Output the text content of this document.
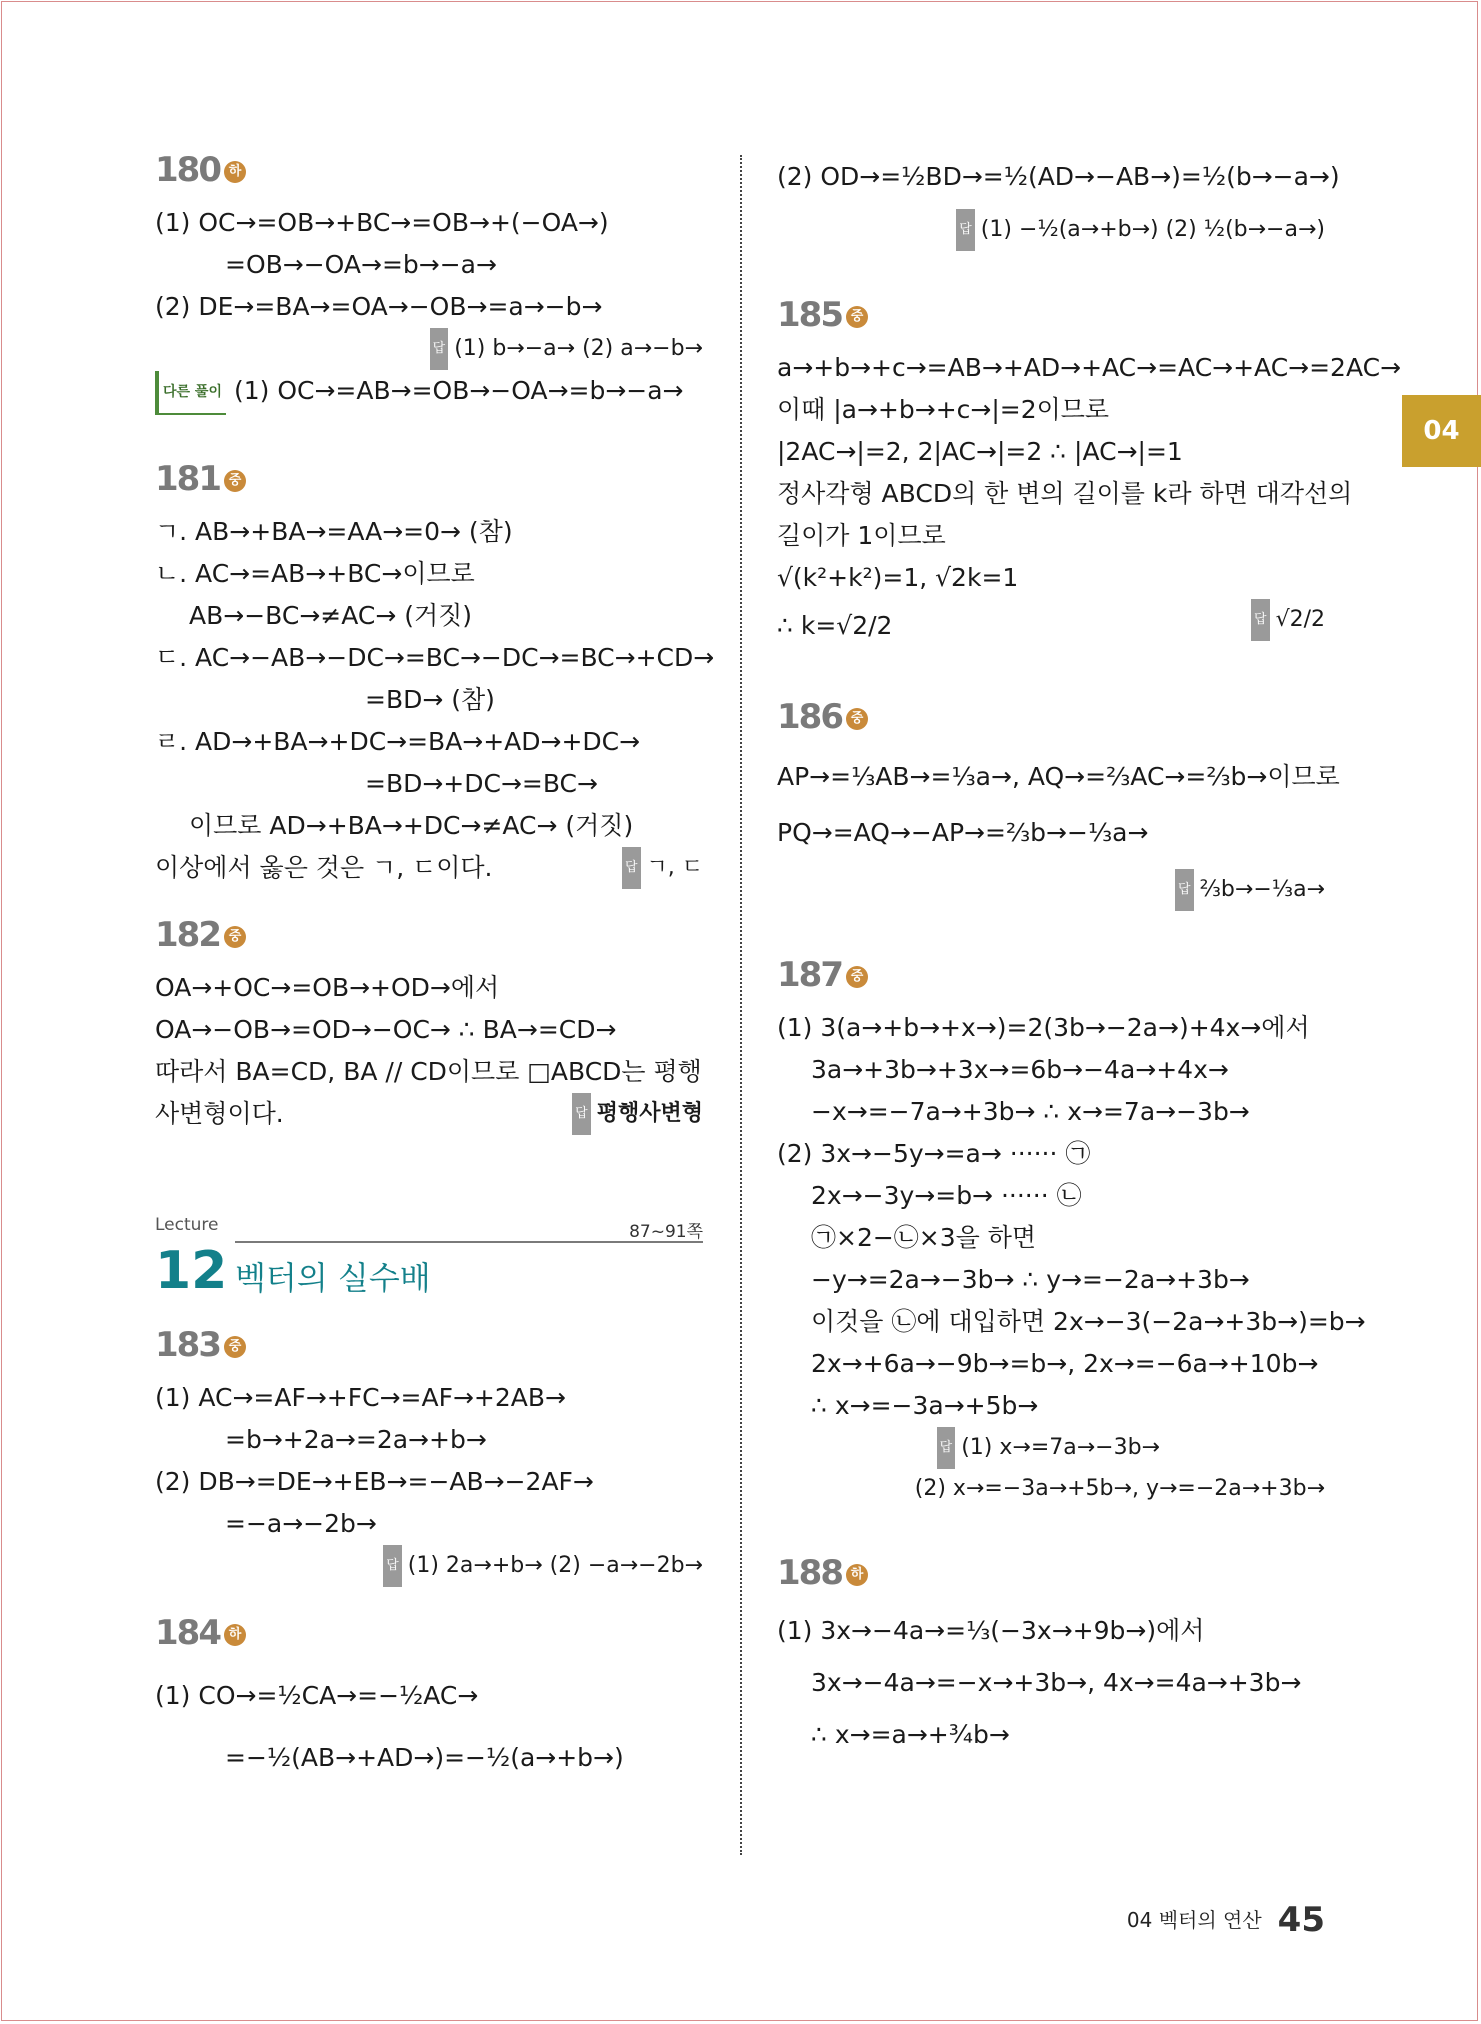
04
180 하
(1) OC→=OB→+BC→=OB→+(−OA→)
=OB→−OA→=b→−a→
(2) DE→=BA→=OA→−OB→=a→−b→
답 (1) b→−a→ (2) a→−b→
다른 풀이 (1) OC→=AB→=OB→−OA→=b→−a→
181 중
ㄱ. AB→+BA→=AA→=0→ (참)
ㄴ. AC→=AB→+BC→이므로
AB→−BC→≠AC→ (거짓)
ㄷ. AC→−AB→−DC→=BC→−DC→=BC→+CD→
=BD→ (참)
ㄹ. AD→+BA→+DC→=BA→+AD→+DC→
=BD→+DC→=BC→
이므로 AD→+BA→+DC→≠AC→ (거짓)
이상에서 옳은 것은 ㄱ, ㄷ이다.	답 ㄱ, ㄷ
182 중
OA→+OC→=OB→+OD→에서
OA→−OB→=OD→−OC→ ∴ BA→=CD→
따라서 BA=CD, BA // CD이므로 □ABCD는 평행
사변형이다.	답 평행사변형
Lecture	87~91쪽
12 벡터의 실수배
183 중
(1) AC→=AF→+FC→=AF→+2AB→
=b→+2a→=2a→+b→
(2) DB→=DE→+EB→=−AB→−2AF→
=−a→−2b→
답 (1) 2a→+b→ (2) −a→−2b→
184 하
(1) CO→=½CA→=−½AC→
=−½(AB→+AD→)=−½(a→+b→)
(2) OD→=½BD→=½(AD→−AB→)=½(b→−a→)
답 (1) −½(a→+b→) (2) ½(b→−a→)
185 중
a→+b→+c→=AB→+AD→+AC→=AC→+AC→=2AC→
이때 |a→+b→+c→|=2이므로
|2AC→|=2, 2|AC→|=2 ∴ |AC→|=1
정사각형 ABCD의 한 변의 길이를 k라 하면 대각선의
길이가 1이므로
√(k²+k²)=1, √2k=1
∴ k=√2/2	답 √2/2
186 중
AP→=⅓AB→=⅓a→, AQ→=⅔AC→=⅔b→이므로
PQ→=AQ→−AP→=⅔b→−⅓a→
답 ⅔b→−⅓a→
187 중
(1) 3(a→+b→+x→)=2(3b→−2a→)+4x→에서
3a→+3b→+3x→=6b→−4a→+4x→
−x→=−7a→+3b→ ∴ x→=7a→−3b→
(2) 3x→−5y→=a→ ······ ㉠
2x→−3y→=b→ ······ ㉡
㉠×2−㉡×3을 하면
−y→=2a→−3b→ ∴ y→=−2a→+3b→
이것을 ㉡에 대입하면 2x→−3(−2a→+3b→)=b→
2x→+6a→−9b→=b→, 2x→=−6a→+10b→
∴ x→=−3a→+5b→
답 (1) x→=7a→−3b→
(2) x→=−3a→+5b→, y→=−2a→+3b→
188 하
(1) 3x→−4a→=⅓(−3x→+9b→)에서
3x→−4a→=−x→+3b→, 4x→=4a→+3b→
∴ x→=a→+¾b→
04 벡터의 연산 45
